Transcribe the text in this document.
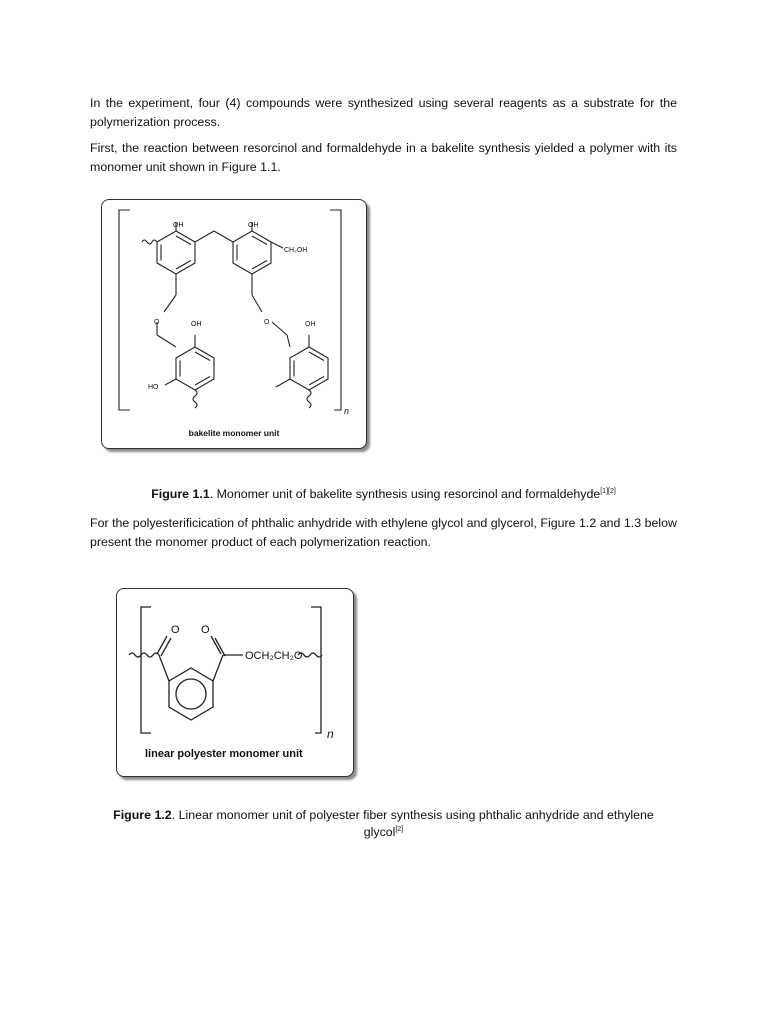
In the experiment, four (4) compounds were synthesized using several reagents as a substrate for the polymerization process.

First, the reaction between resorcinol and formaldehyde in a bakelite synthesis yielded a polymer with its monomer unit shown in Figure 1.1.

OH	OH
CH₂OH
O	O
OH	OH
HO
n
bakelite monomer unit

Figure 1.1. Monomer unit of bakelite synthesis using resorcinol and formaldehyde[1][2]

For the polyesterificication of phthalic anhydride with ethylene glycol and glycerol, Figure 1.2 and 1.3 below present the monomer product of each polymerization reaction.

O O
OCH₂CH₂O
n
linear polyester monomer unit

Figure 1.2. Linear monomer unit of polyester fiber synthesis using phthalic anhydride and ethylene
glycol[2]
